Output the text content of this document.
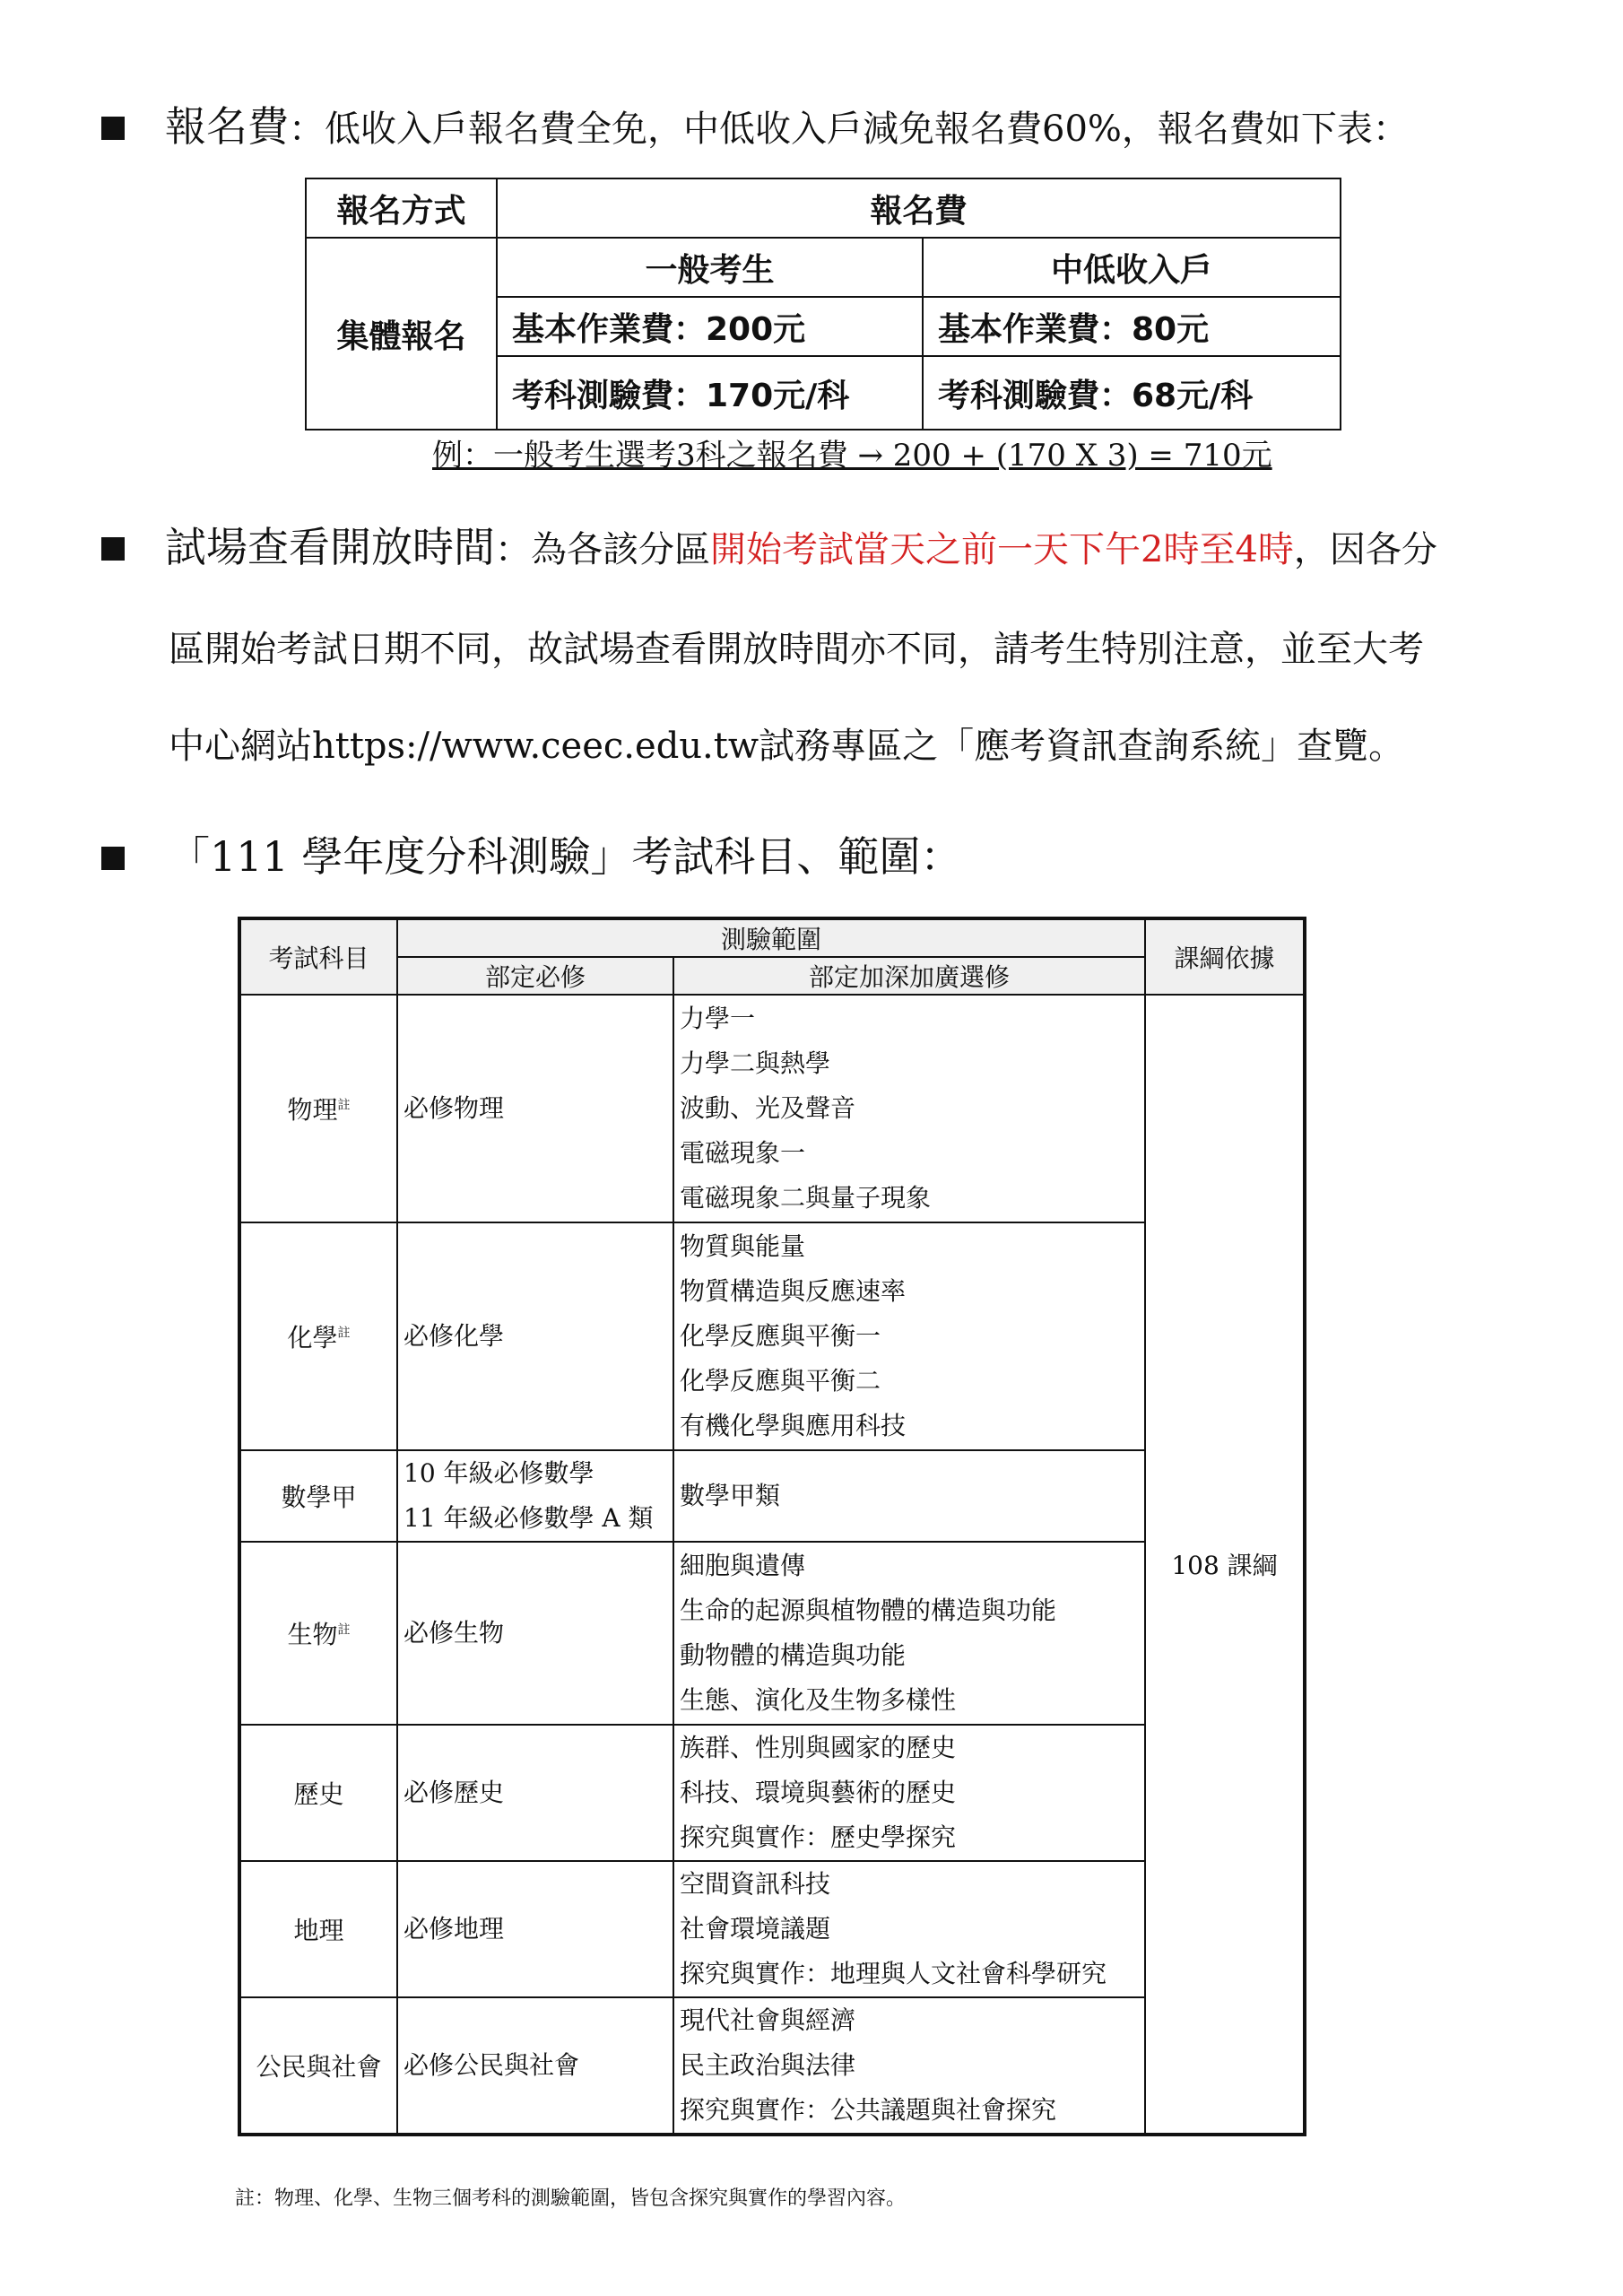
報名費：低收入戶報名費全免，中低收入戶減免報名費60%，報名費如下表：
報名方式	報名費	
集體報名	一般考生	中低收入戶
	基本作業費：200元	基本作業費：80元
	考科測驗費：170元/科	考科測驗費：68元/科
例：一般考生選考3科之報名費 → 200 + (170 X 3) = 710元
試場查看開放時間：為各該分區開始考試當天之前一天下午2時至4時，因各分
區開始考試日期不同，故試場查看開放時間亦不同，請考生特別注意，並至大考
中心網站https://www.ceec.edu.tw試務專區之「應考資訊查詢系統」查覽。
「111 學年度分科測驗」考試科目、範圍：
考試科目	測驗範圍		課綱依據
	部定必修	部定加深加廣選修	
物理$^註$	必修物理	力學一
力學二與熱學
波動、光及聲音
電磁現象一
電磁現象二與量子現象	108 課綱
化學$^註$	必修化學	物質與能量
物質構造與反應速率
化學反應與平衡一
化學反應與平衡二
有機化學與應用科技	

數學甲	10 年級必修數學
11 年級必修數學 A 類	數學甲類	

生物$^註$	必修生物	細胞與遺傳
生命的起源與植物體的構造與功能
動物體的構造與功能
生態、演化及生物多樣性	

歷史	必修歷史	族群、性別與國家的歷史
科技、環境與藝術的歷史
探究與實作：歷史學探究	

地理	必修地理	空間資訊科技
社會環境議題
探究與實作：地理與人文社會科學研究	

公民與社會	必修公民與社會	現代社會與經濟
民主政治與法律
探究與實作：公共議題與社會探究	
註：物理、化學、生物三個考科的測驗範圍，皆包含探究與實作的學習內容。
